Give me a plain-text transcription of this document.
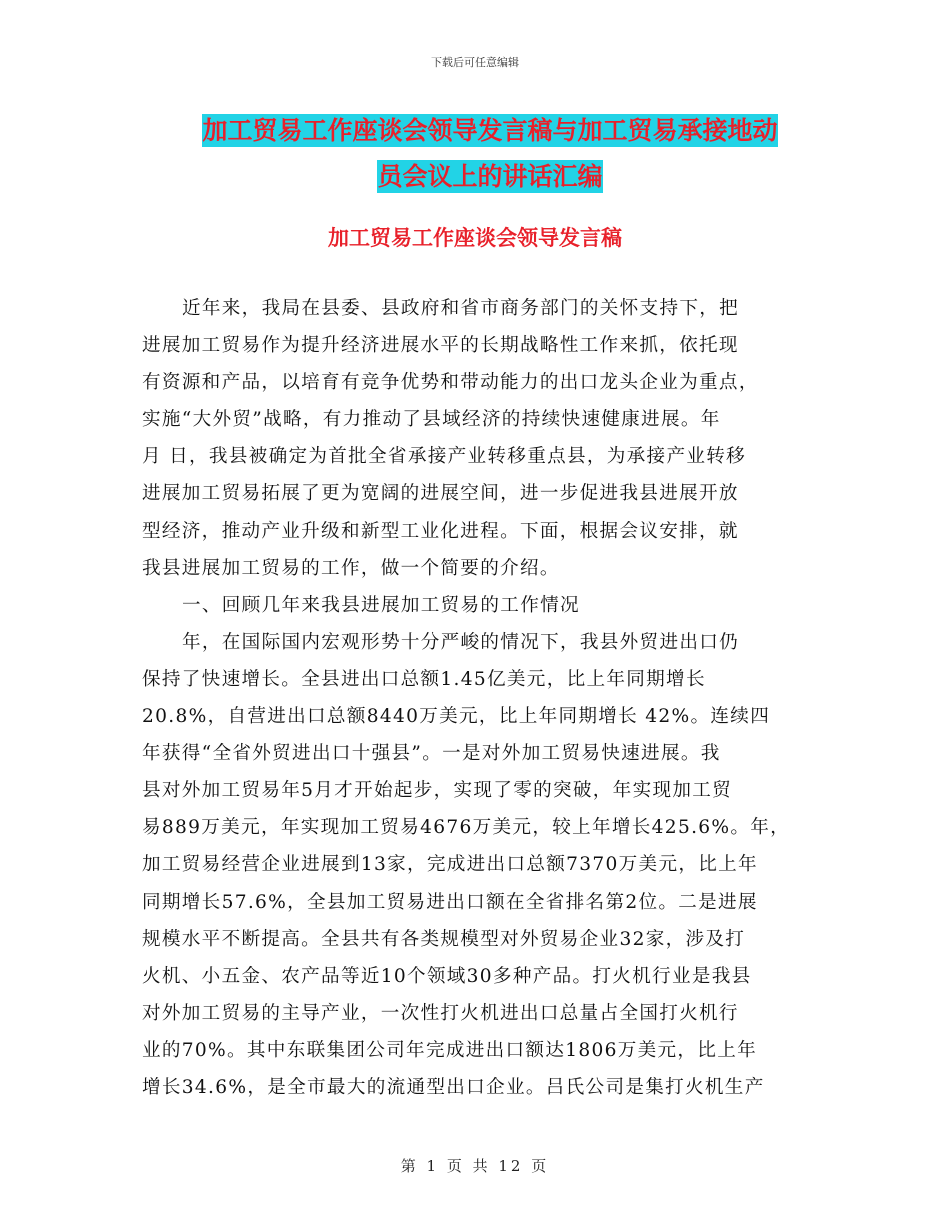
下载后可任意编辑
加工贸易工作座谈会领导发言稿与加工贸易承接地动
员会议上的讲话汇编
加工贸易工作座谈会领导发言稿
近年来，我局在县委、县政府和省市商务部门的关怀支持下，把
进展加工贸易作为提升经济进展水平的长期战略性工作来抓，依托现
有资源和产品，以培育有竞争优势和带动能力的出口龙头企业为重点，
实施“大外贸”战略，有力推动了县域经济的持续快速健康进展。年
月 日，我县被确定为首批全省承接产业转移重点县，为承接产业转移
进展加工贸易拓展了更为宽阔的进展空间，进一步促进我县进展开放
型经济，推动产业升级和新型工业化进程。下面，根据会议安排，就
我县进展加工贸易的工作，做一个简要的介绍。
一、回顾几年来我县进展加工贸易的工作情况
年，在国际国内宏观形势十分严峻的情况下，我县外贸进出口仍
保持了快速增长。全县进出口总额1.45亿美元，比上年同期增长
20.8%，自营进出口总额8440万美元，比上年同期增长 42%。连续四
年获得“全省外贸进出口十强县”。一是对外加工贸易快速进展。我
县对外加工贸易年5月才开始起步，实现了零的突破，年实现加工贸
易889万美元，年实现加工贸易4676万美元，较上年增长425.6%。年，
加工贸易经营企业进展到13家，完成进出口总额7370万美元，比上年
同期增长57.6%，全县加工贸易进出口额在全省排名第2位。二是进展
规模水平不断提高。全县共有各类规模型对外贸易企业32家，涉及打
火机、小五金、农产品等近10个领域30多种产品。打火机行业是我县
对外加工贸易的主导产业，一次性打火机进出口总量占全国打火机行
业的70%。其中东联集团公司年完成进出口额达1806万美元，比上年
增长34.6%，是全市最大的流通型出口企业。吕氏公司是集打火机生产
第 1 页 共 12 页
